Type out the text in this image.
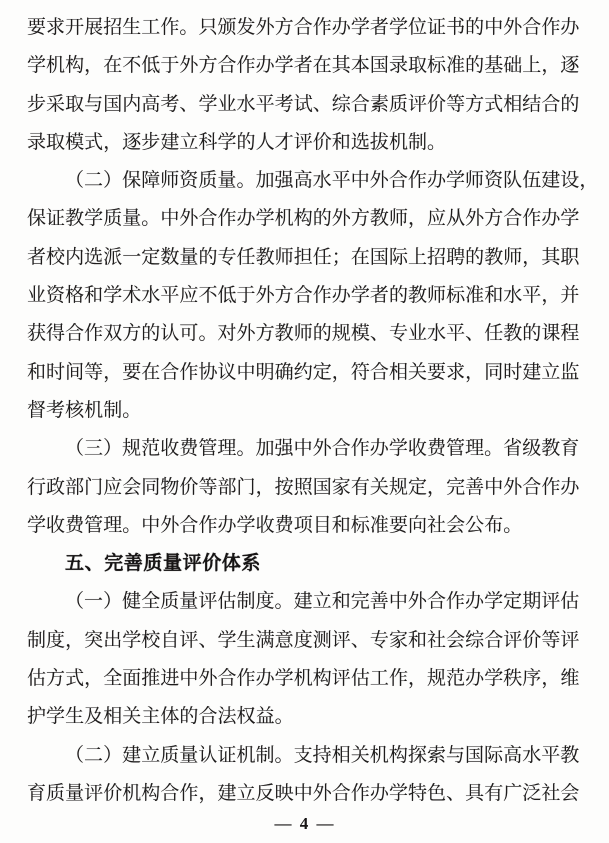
要求开展招生工作。只颁发外方合作办学者学位证书的中外合作办
学机构，在不低于外方合作办学者在其本国录取标准的基础上，逐
步采取与国内高考、学业水平考试、综合素质评价等方式相结合的
录取模式，逐步建立科学的人才评价和选拔机制。
（二）保障师资质量。加强高水平中外合作办学师资队伍建设，
保证教学质量。中外合作办学机构的外方教师，应从外方合作办学
者校内选派一定数量的专任教师担任；在国际上招聘的教师，其职
业资格和学术水平应不低于外方合作办学者的教师标准和水平，并
获得合作双方的认可。对外方教师的规模、专业水平、任教的课程
和时间等，要在合作协议中明确约定，符合相关要求，同时建立监
督考核机制。
（三）规范收费管理。加强中外合作办学收费管理。省级教育
行政部门应会同物价等部门，按照国家有关规定，完善中外合作办
学收费管理。中外合作办学收费项目和标准要向社会公布。
五、完善质量评价体系
（一）健全质量评估制度。建立和完善中外合作办学定期评估
制度，突出学校自评、学生满意度测评、专家和社会综合评价等评
估方式，全面推进中外合作办学机构评估工作，规范办学秩序，维
护学生及相关主体的合法权益。
（二）建立质量认证机制。支持相关机构探索与国际高水平教
育质量评价机构合作，建立反映中外合作办学特色、具有广泛社会
— 4 —
